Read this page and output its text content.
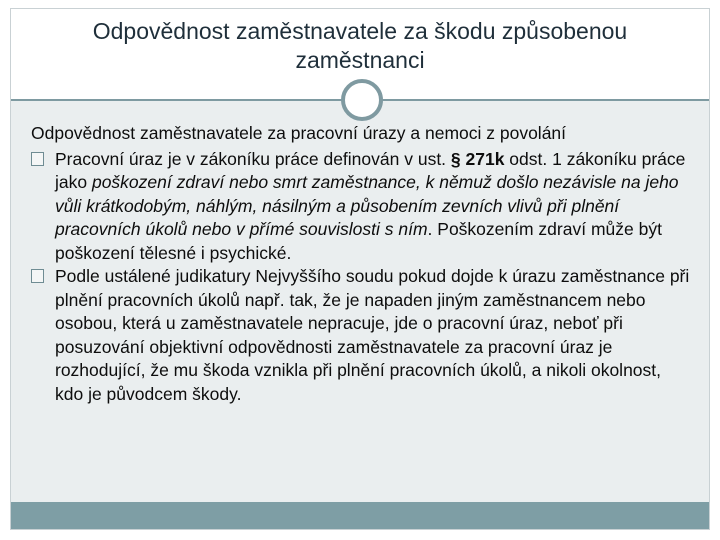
Odpovědnost zaměstnavatele za škodu způsobenou zaměstnanci

Odpovědnost zaměstnavatele za pracovní úrazy a nemoci z povolání

Pracovní úraz je v zákoníku práce definován v ust. § 271k odst. 1 zákoníku práce jako poškození zdraví nebo smrt zaměstnance, k němuž došlo nezávisle na jeho vůli krátkodobým, náhlým, násilným a působením zevních vlivů při plnění pracovních úkolů nebo v přímé souvislosti s ním. Poškozením zdraví může být poškození tělesné i psychické.

Podle ustálené judikatury Nejvyššího soudu pokud dojde k úrazu zaměstnance při plnění pracovních úkolů např. tak, že je napaden jiným zaměstnancem nebo osobou, která u zaměstnavatele nepracuje, jde o pracovní úraz, neboť při posuzování objektivní odpovědnosti zaměstnavatele za pracovní úraz je rozhodující, že mu škoda vznikla při plnění pracovních úkolů, a nikoli okolnost, kdo je původcem škody.
